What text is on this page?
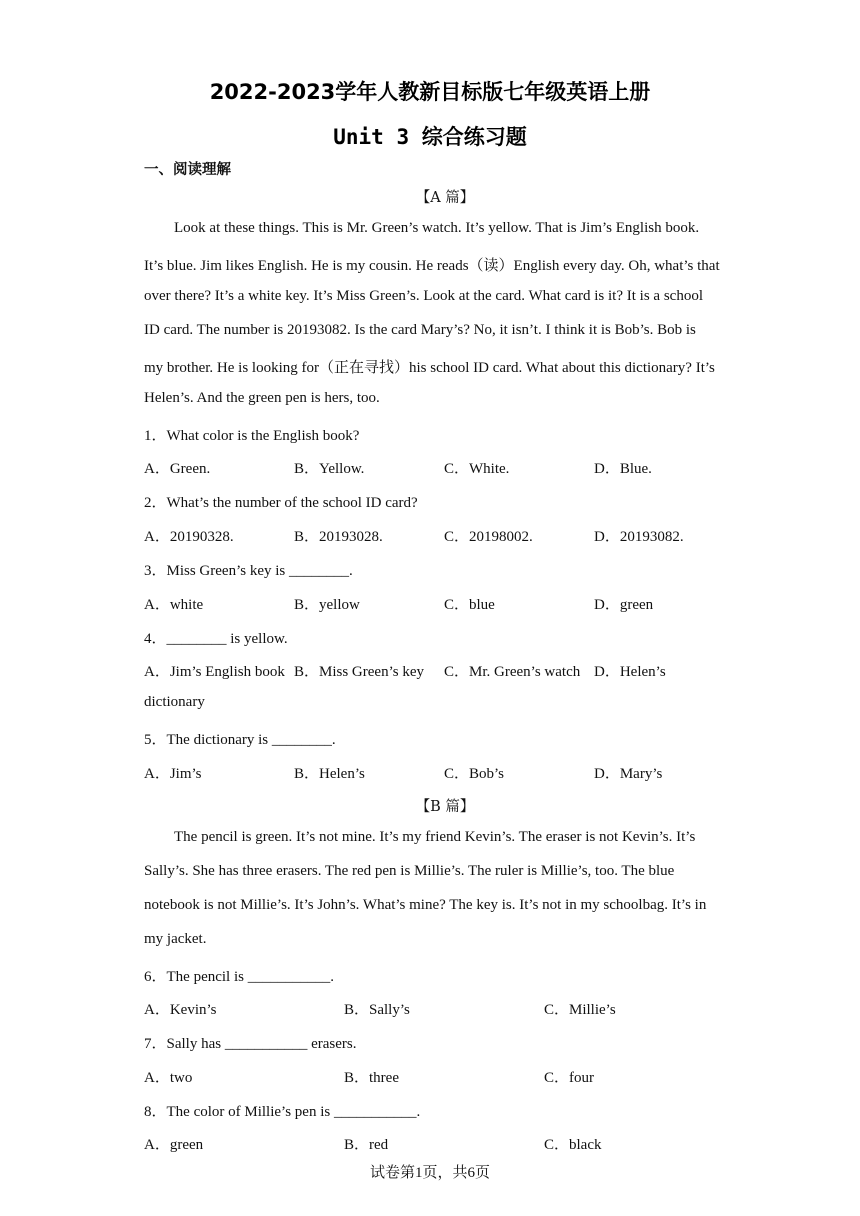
2022-2023学年人教新目标版七年级英语上册
Unit 3 综合练习题
一、阅读理解
【A 篇】
Look at these things. This is Mr. Green’s watch. It’s yellow. That is Jim’s English book.
It’s blue. Jim likes English. He is my cousin. He reads（读）English every day. Oh, what’s that
over there? It’s a white key. It’s Miss Green’s. Look at the card. What card is it? It is a school
ID card. The number is 20193082. Is the card Mary’s? No, it isn’t. I think it is Bob’s. Bob is
my brother. He is looking for（正在寻找）his school ID card. What about this dictionary? It’s
Helen’s. And the green pen is hers, too.
1．What color is the English book?
A．Green.	B．Yellow.	C．White.	D．Blue.
2．What’s the number of the school ID card?
A．20190328.	B．20193028.	C．20198002.	D．20193082.
3．Miss Green’s key is ________.
A．white	B．yellow	C．blue	D．green
4．________ is yellow.
A．Jim’s English book B．Miss Green’s key C．Mr. Green’s watch D．Helen’s
dictionary
5．The dictionary is ________.
A．Jim’s	B．Helen’s	C．Bob’s	D．Mary’s
【B 篇】
The pencil is green. It’s not mine. It’s my friend Kevin’s. The eraser is not Kevin’s. It’s
Sally’s. She has three erasers. The red pen is Millie’s. The ruler is Millie’s, too. The blue
notebook is not Millie’s. It’s John’s. What’s mine? The key is. It’s not in my schoolbag. It’s in
my jacket.
6．The pencil is ___________.
A．Kevin’s	B．Sally’s	C．Millie’s
7．Sally has ___________ erasers.
A．two	B．three	C．four
8．The color of Millie’s pen is ___________.
A．green	B．red	C．black
试卷第1页，共6页
